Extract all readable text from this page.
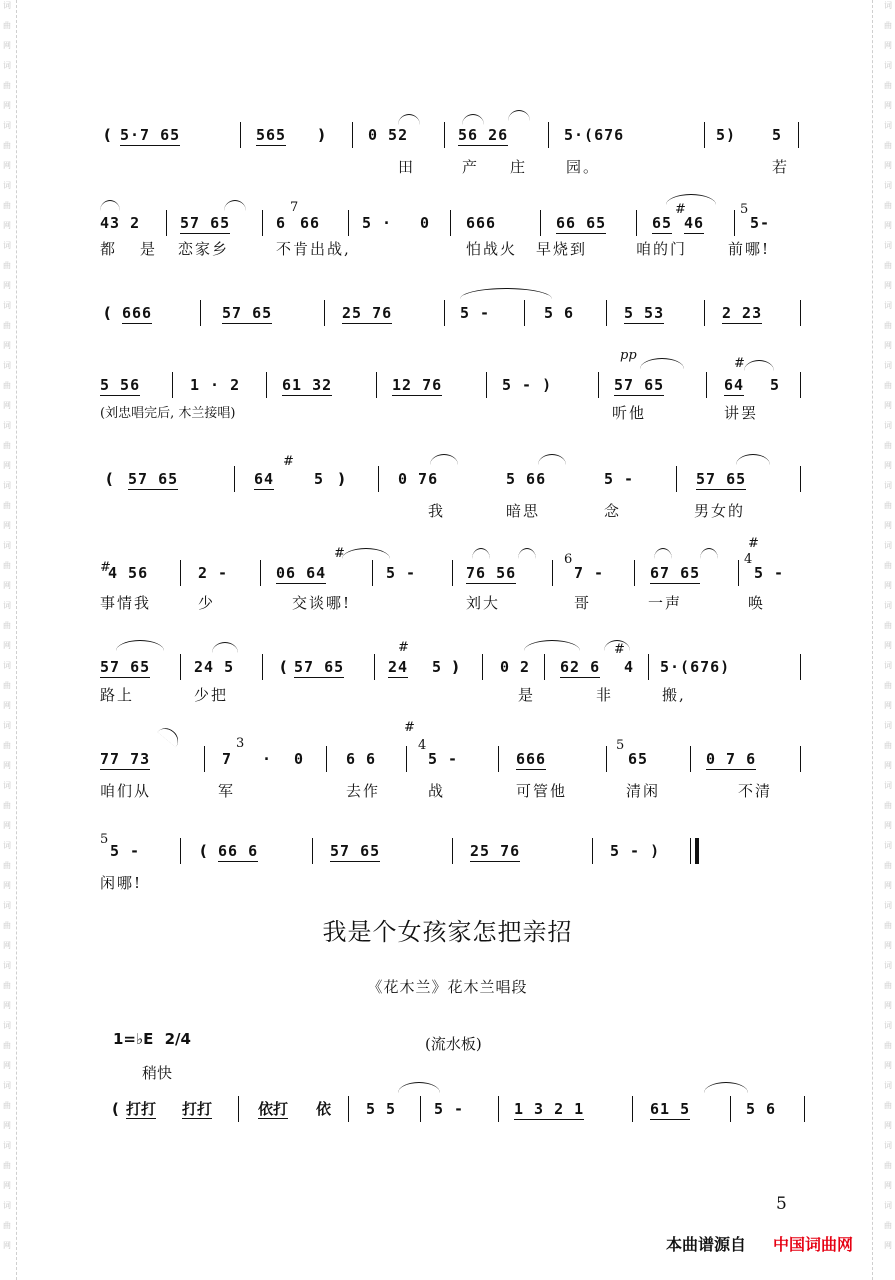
词
曲
网
词
曲
网
词
曲
网
词
曲
网
词
曲
网
词
曲
网
词
曲
网
词
曲
网
词
曲
网
词
曲
网
词
曲
网
词
曲
网
词
曲
网
词
曲
网
词
曲
网
词
曲
网
词
曲
网
词
曲
网
词
曲
网
词
曲
网
词
曲
网
词
曲
网
词
曲
网
词
曲
网
词
曲
网
词
曲
网
词
曲
网
词
曲
网
词
曲
网
词
曲
网
词
曲
网
词
曲
网
词
曲
网
词
曲
网
词
曲
网
词
曲
网
词
曲
网
词
曲
网
词
曲
网
词
曲
网
词
曲
网
词
曲
网
( 5·7 65	565 )	0 52	56 26	5·(676	5) 5
田	产 庄	园。	若
43 2	57 65	6
7
66	5 · 0 666	66 65	65
#
46
5
5-
都 是 恋家乡	不肯出战,	怕战火 早烧到	咱的门	前哪!
( 666	57 65	25 76	5 -	5 6	5 53	2 23
5 56	1 · 2	61 32	12 76	5 - )
pp
57 65
#
64 5
(刘忠唱完后, 木兰接唱)	听他	讲罢
( 57 65
#
64	5 )	0 76	5 66	5 -	57 65
我	暗思	念	男女的
#
4 56	2 -
#
06 64	5 -	76 56
6
7 -	67 65
#
4
5 -
事情我	少	交谈哪!	刘大	哥	一声	唤
57 65	24 5	( 57 65	24
#
5 )	0 2 62 6
#
4 5·(676)
路上	少把	是	非	搬,
77 73	7
3
· 0	6 6
#
4
5 -	666
5
65	0 7 6
咱们从	军	去作	战	可管他	清闲	不清
5
5 -	( 66 6	57 65	25 76	5 - )
闲哪!
我是个女孩家怎把亲招
《花木兰》花木兰唱段
1=♭E 2/4	(流水板)
稍快
( 打打 打打	依打 依 5 5	5 -	1 3 2 1	61 5	5 6
5
本曲谱源自 中国词曲网
